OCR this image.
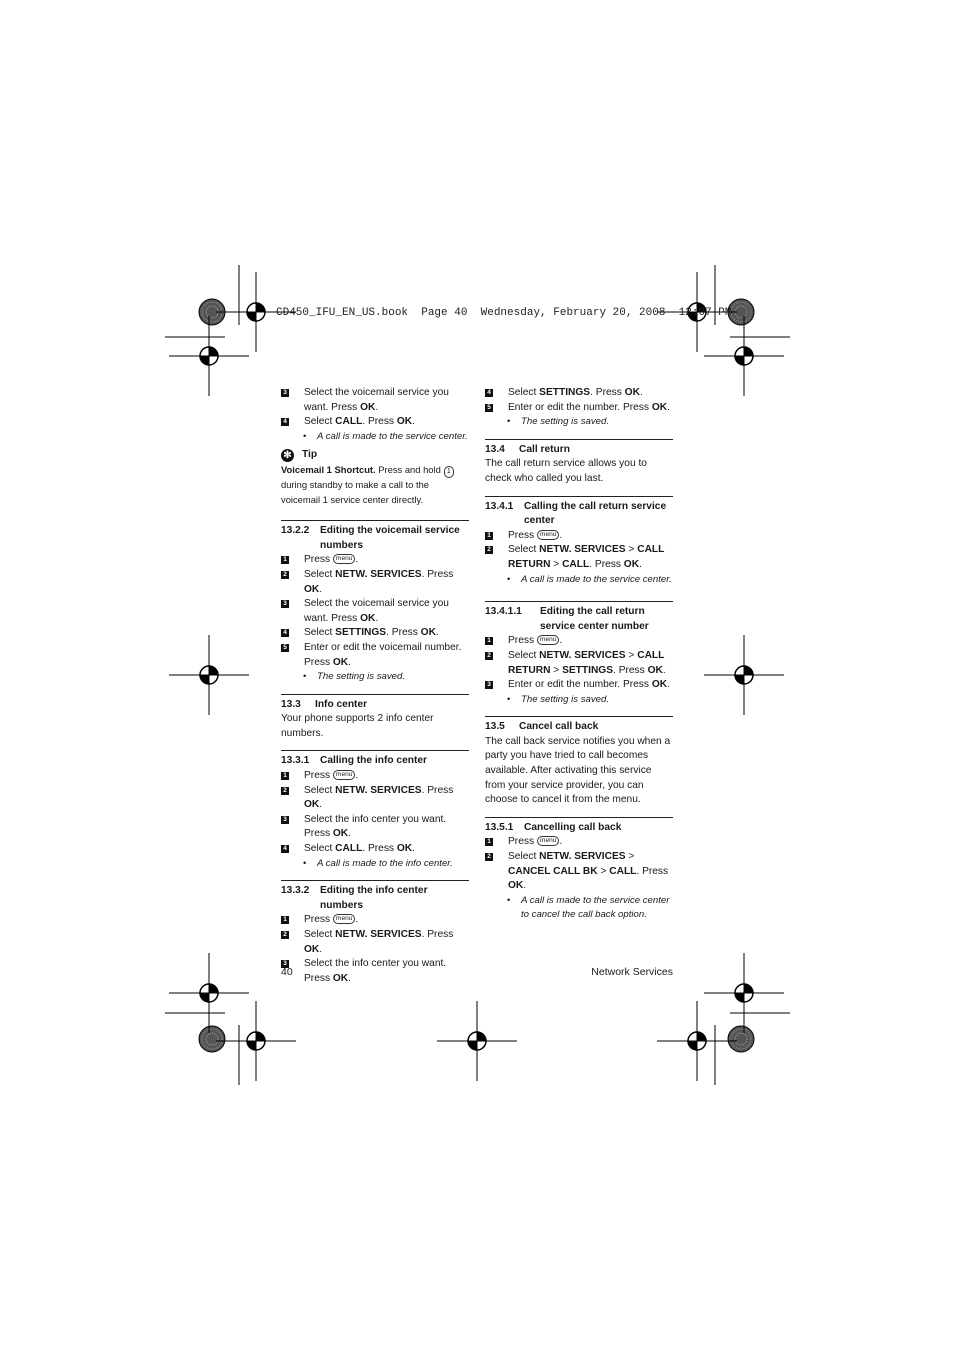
CD450_IFU_EN_US.book  Page 40  Wednesday, February 20, 2008  12:07 PM
3 Select the voicemail service you want. Press OK.
4 Select CALL. Press OK.
• A call is made to the service center.
✻ Tip
Voicemail 1 Shortcut. Press and hold 1 during standby to make a call to the voicemail 1 service center directly.
13.2.2	Editing the voicemail service numbers
1 Press menu .
2 Select NETW. SERVICES. Press OK.
3 Select the voicemail service you want. Press OK.
4 Select SETTINGS. Press OK.
5 Enter or edit the voicemail number. Press OK.
• The setting is saved.
13.3	Info center

Your phone supports 2 info center numbers.

13.3.1	Calling the info center
1 Press menu .
2 Select NETW. SERVICES. Press OK.
3 Select the info center you want. Press OK.
4 Select CALL. Press OK.
• A call is made to the info center.
13.3.2	Editing the info center numbers
1 Press menu .
2 Select NETW. SERVICES. Press OK.
3 Select the info center you want. Press OK.
4 Select SETTINGS. Press OK.
5 Enter or edit the number. Press OK.
• The setting is saved.
13.4	Call return

The call return service allows you to check who called you last.

13.4.1	Calling the call return service center
1 Press menu .
2 Select NETW. SERVICES > CALL RETURN > CALL. Press OK.
• A call is made to the service center.
13.4.1.1	Editing the call return service center number
1 Press menu .
2 Select NETW. SERVICES > CALL RETURN > SETTINGS. Press OK.
3 Enter or edit the number. Press OK.
• The setting is saved.
13.5	Cancel call back

The call back service notifies you when a party you have tried to call becomes available. After activating this service from your service provider, you can choose to cancel it from the menu.

13.5.1	Cancelling call back
1 Press menu .
2 Select NETW. SERVICES > CANCEL CALL BK > CALL. Press OK.
• A call is made to the service center to cancel the call back option.
40	Network Services
